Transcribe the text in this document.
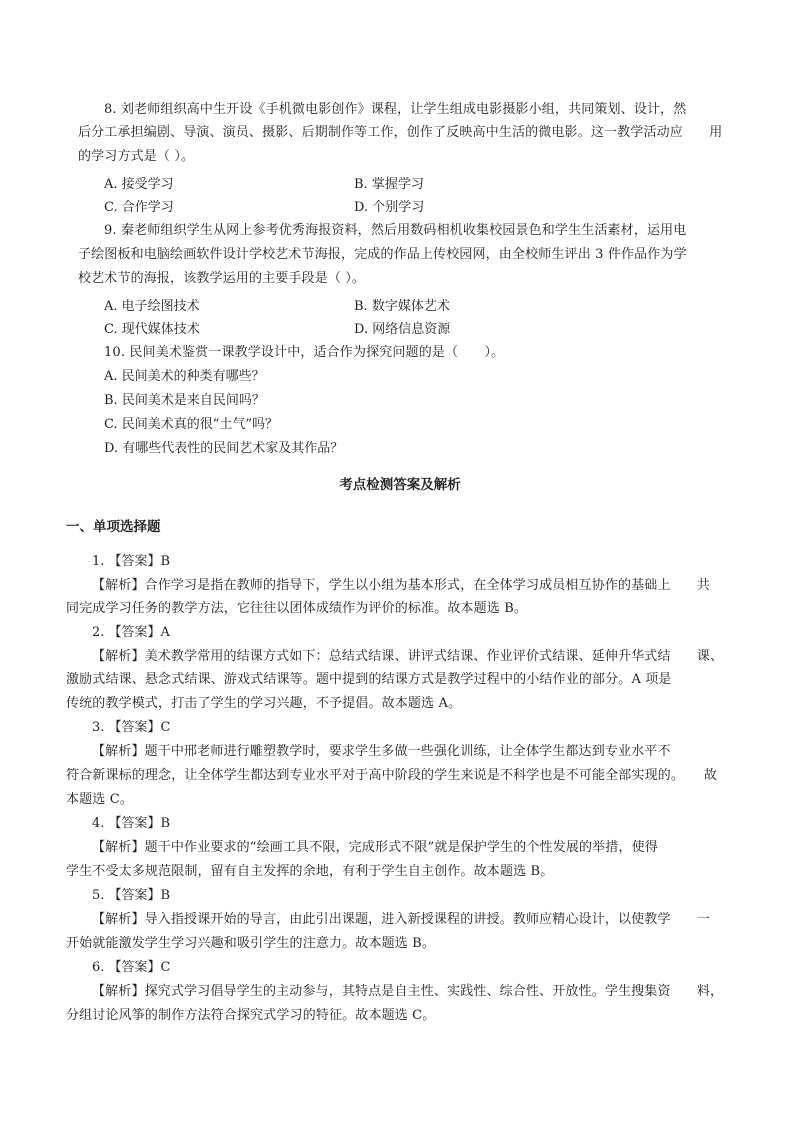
8. 刘老师组织高中生开设《手机微电影创作》课程，让学生组成电影摄影小组，共同策划、设计，然
后分工承担编剧、导演、演员、摄影、后期制作等工作，创作了反映高中生活的微电影。这一教学活动应　　用
的学习方式是（ ）。
A. 接受学习	B. 掌握学习
C. 合作学习	D. 个别学习
9. 秦老师组织学生从网上参考优秀海报资料，然后用数码相机收集校园景色和学生生活素材，运用电
子绘图板和电脑绘画软件设计学校艺术节海报，完成的作品上传校园网，由全校师生评出 3 件作品作为学
校艺术节的海报，该教学运用的主要手段是（ ）。
A. 电子绘图技术	B. 数字媒体艺术
C. 现代媒体技术	D. 网络信息资源
10. 民间美术鉴赏一课教学设计中，适合作为探究问题的是（　　）。
A. 民间美术的种类有哪些？
B. 民间美术是来自民间吗？
C. 民间美术真的很“土气”吗？
D. 有哪些代表性的民间艺术家及其作品？
考点检测答案及解析
一、单项选择题
1. 【答案】B
【解析】合作学习是指在教师的指导下，学生以小组为基本形式，在全体学习成员相互协作的基础上　　共
同完成学习任务的教学方法，它往往以团体成绩作为评价的标准。故本题选 B。
2. 【答案】A
【解析】美术教学常用的结课方式如下：总结式结课、讲评式结课、作业评价式结课、延伸升华式结　　课、
激励式结课、悬念式结课、游戏式结课等。题中提到的结课方式是教学过程中的小结作业的部分。A 项是
传统的教学模式，打击了学生的学习兴趣，不予提倡。故本题选 A。
3. 【答案】C
【解析】题干中邢老师进行雕塑教学时，要求学生多做一些强化训练，让全体学生都达到专业水平不
符合新课标的理念，让全体学生都达到专业水平对于高中阶段的学生来说是不科学也是不可能全部实现的。　　故
本题选 C。
4. 【答案】B
【解析】题干中作业要求的“绘画工具不限，完成形式不限”就是保护学生的个性发展的举措，使得
学生不受太多规范限制，留有自主发挥的余地，有利于学生自主创作。故本题选 B。
5. 【答案】B
【解析】导入指授课开始的导言，由此引出课题，进入新授课程的讲授。教师应精心设计，以使教学　　一
开始就能激发学生学习兴趣和吸引学生的注意力。故本题选 B。
6. 【答案】C
【解析】探究式学习倡导学生的主动参与，其特点是自主性、实践性、综合性、开放性。学生搜集资　　料，
分组讨论风筝的制作方法符合探究式学习的特征。故本题选 C。
